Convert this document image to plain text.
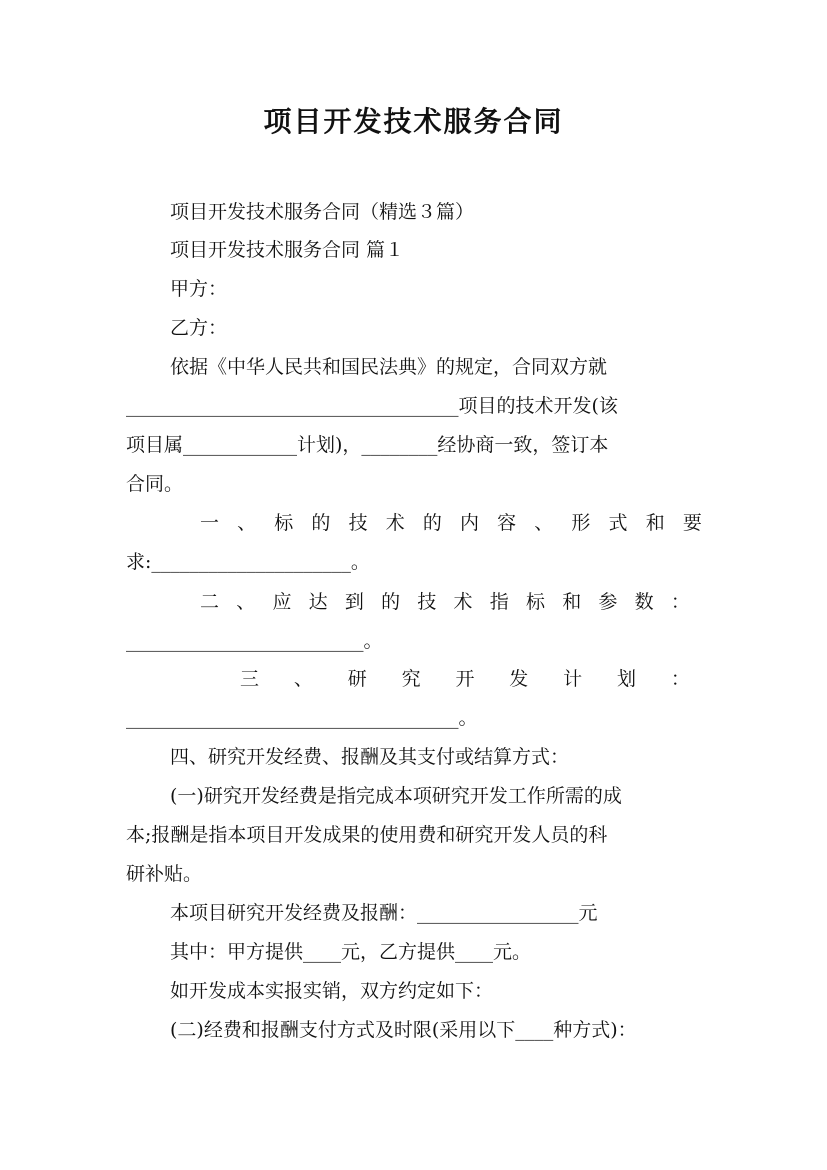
项目开发技术服务合同
项目开发技术服务合同（精选３篇）
项目开发技术服务合同 篇１
甲方：
乙方：
依据《中华人民共和国民法典》的规定，合同双方就
___________________________________项目的技术开发(该
项目属____________计划)，________经协商一致，签订本
合同。
一 、 标 的 技 术 的 内 容 、 形 式 和 要
求:_____________________。
二 、 应 达 到 的 技 术 指 标 和 参 数 ：
_________________________。
三 、 研 究 开 发 计 划 ：
___________________________________。
四、研究开发经费、报酬及其支付或结算方式：
(一)研究开发经费是指完成本项研究开发工作所需的成
本;报酬是指本项目开发成果的使用费和研究开发人员的科
研补贴。
本项目研究开发经费及报酬：_________________元
其中：甲方提供____元，乙方提供____元。
如开发成本实报实销，双方约定如下：
(二)经费和报酬支付方式及时限(采用以下____种方式)：
